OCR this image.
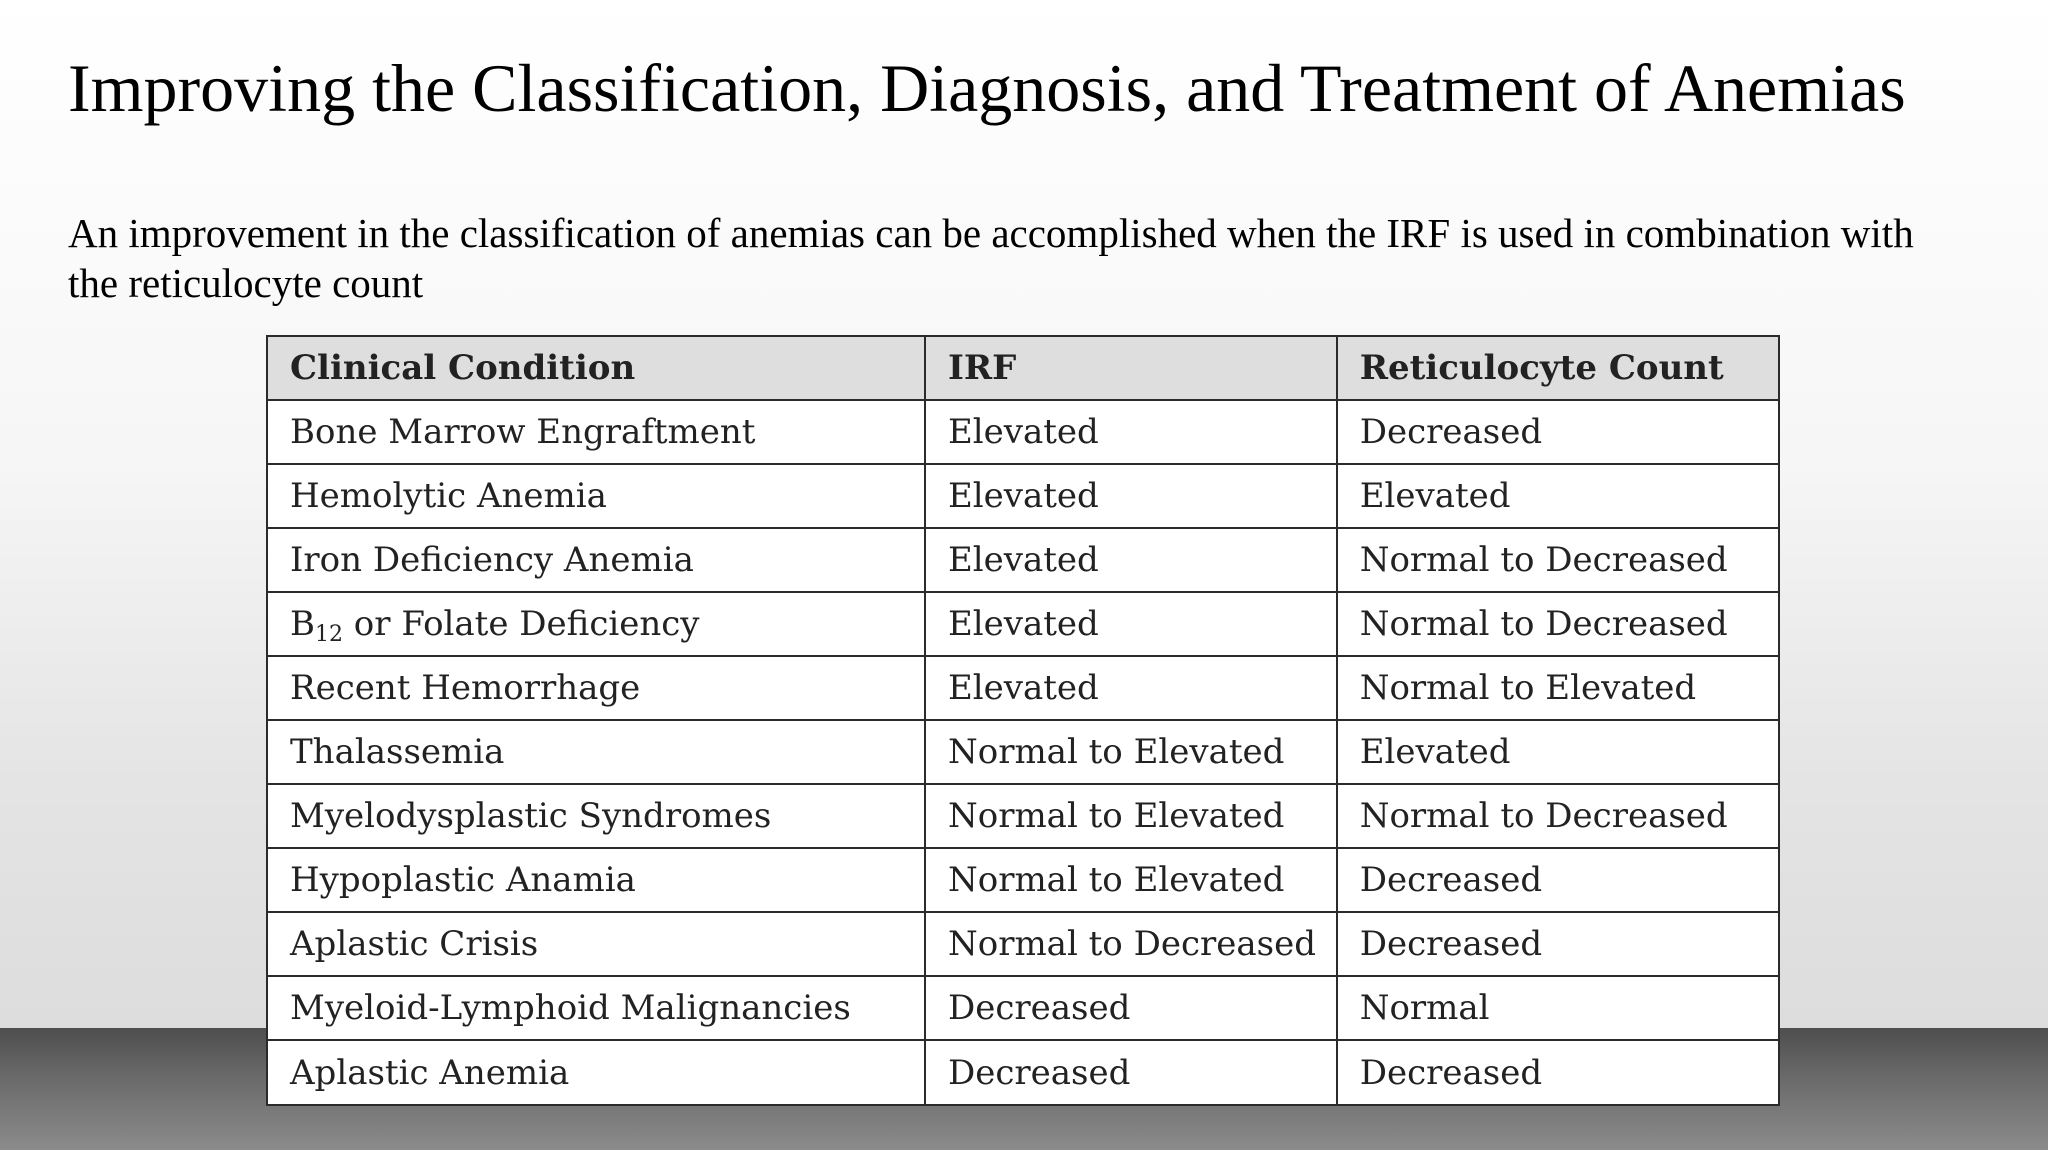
Improving the Classification, Diagnosis, and Treatment of Anemias

An improvement in the classification of anemias can be accomplished when the IRF is used in combination with the reticulocyte count

Clinical Condition	IRF	Reticulocyte Count
Bone Marrow Engraftment	Elevated	Decreased
Hemolytic Anemia	Elevated	Elevated
Iron Deficiency Anemia	Elevated	Normal to Decreased
$B_{12}$ or Folate Deficiency	Elevated	Normal to Decreased
Recent Hemorrhage	Elevated	Normal to Elevated
Thalassemia	Normal to Elevated	Elevated
Myelodysplastic Syndromes	Normal to Elevated	Normal to Decreased
Hypoplastic Anamia	Normal to Elevated	Decreased
Aplastic Crisis	Normal to Decreased	Decreased
Myeloid-Lymphoid Malignancies	Decreased	Normal
Aplastic Anemia	Decreased	Decreased
